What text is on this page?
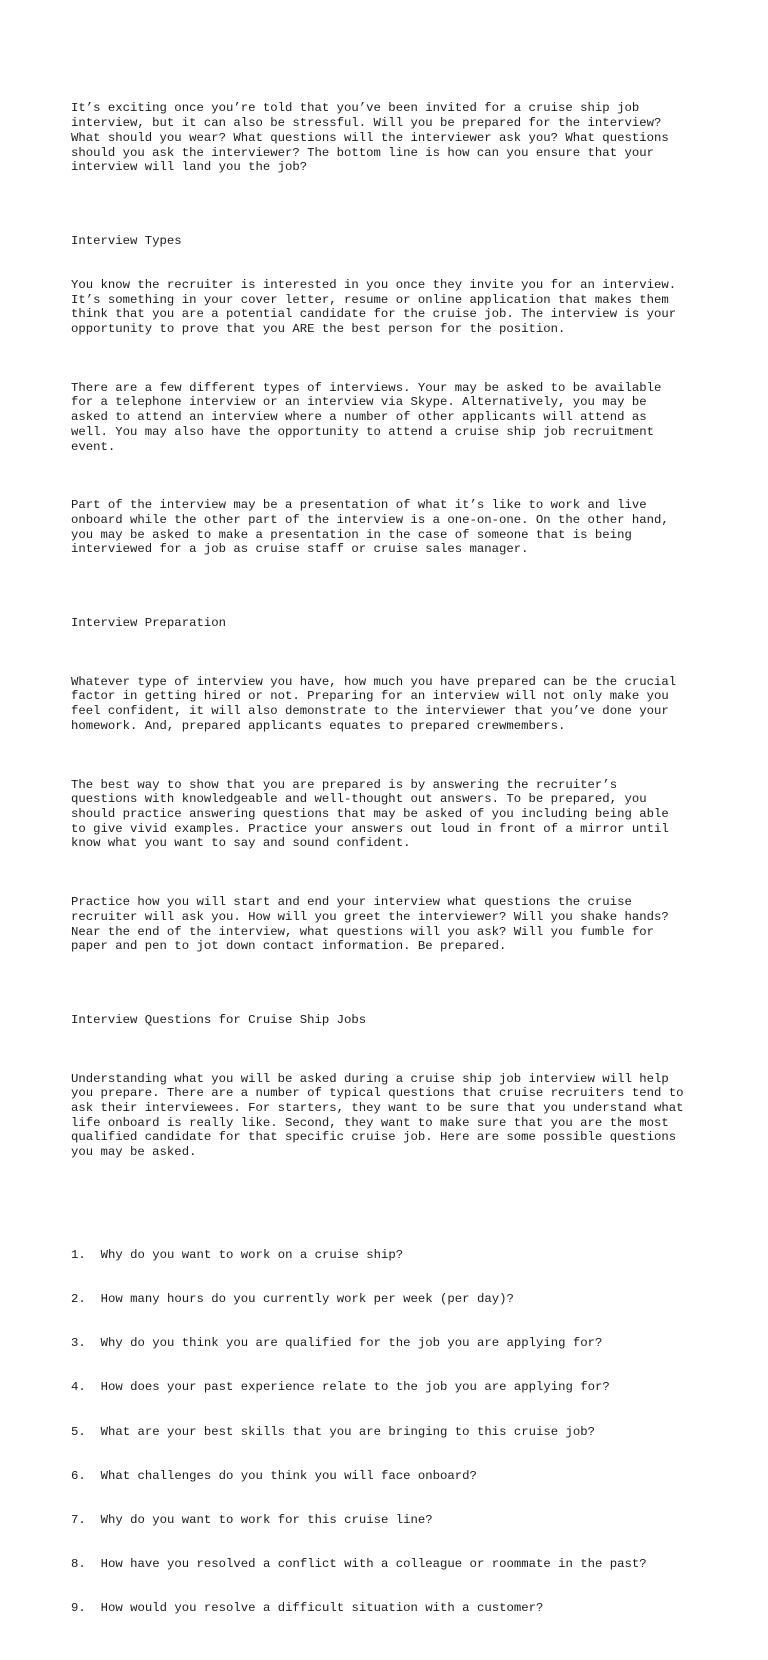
It’s exciting once you’re told that you’ve been invited for a cruise ship job
interview, but it can also be stressful. Will you be prepared for the interview?
What should you wear? What questions will the interviewer ask you? What questions
should you ask the interviewer? The bottom line is how can you ensure that your
interview will land you the job?

Interview Types

You know the recruiter is interested in you once they invite you for an interview.
It’s something in your cover letter, resume or online application that makes them
think that you are a potential candidate for the cruise job. The interview is your
opportunity to prove that you ARE the best person for the position.

There are a few different types of interviews. Your may be asked to be available
for a telephone interview or an interview via Skype. Alternatively, you may be
asked to attend an interview where a number of other applicants will attend as
well. You may also have the opportunity to attend a cruise ship job recruitment
event.

Part of the interview may be a presentation of what it’s like to work and live
onboard while the other part of the interview is a one-on-one. On the other hand,
you may be asked to make a presentation in the case of someone that is being
interviewed for a job as cruise staff or cruise sales manager.

Interview Preparation

Whatever type of interview you have, how much you have prepared can be the crucial
factor in getting hired or not. Preparing for an interview will not only make you
feel confident, it will also demonstrate to the interviewer that you’ve done your
homework. And, prepared applicants equates to prepared crewmembers.

The best way to show that you are prepared is by answering the recruiter’s
questions with knowledgeable and well-thought out answers. To be prepared, you
should practice answering questions that may be asked of you including being able
to give vivid examples. Practice your answers out loud in front of a mirror until
know what you want to say and sound confident.

Practice how you will start and end your interview what questions the cruise
recruiter will ask you. How will you greet the interviewer? Will you shake hands?
Near the end of the interview, what questions will you ask? Will you fumble for
paper and pen to jot down contact information. Be prepared.

Interview Questions for Cruise Ship Jobs

Understanding what you will be asked during a cruise ship job interview will help
you prepare. There are a number of typical questions that cruise recruiters tend to
ask their interviewees. For starters, they want to be sure that you understand what
life onboard is really like. Second, they want to make sure that you are the most
qualified candidate for that specific cruise job. Here are some possible questions
you may be asked.

1. Why do you want to work on a cruise ship?

2. How many hours do you currently work per week (per day)?

3. Why do you think you are qualified for the job you are applying for?

4. How does your past experience relate to the job you are applying for?

5. What are your best skills that you are bringing to this cruise job?

6. What challenges do you think you will face onboard?

7. Why do you want to work for this cruise line?

8. How have you resolved a conflict with a colleague or roommate in the past?

9. How would you resolve a difficult situation with a customer?
